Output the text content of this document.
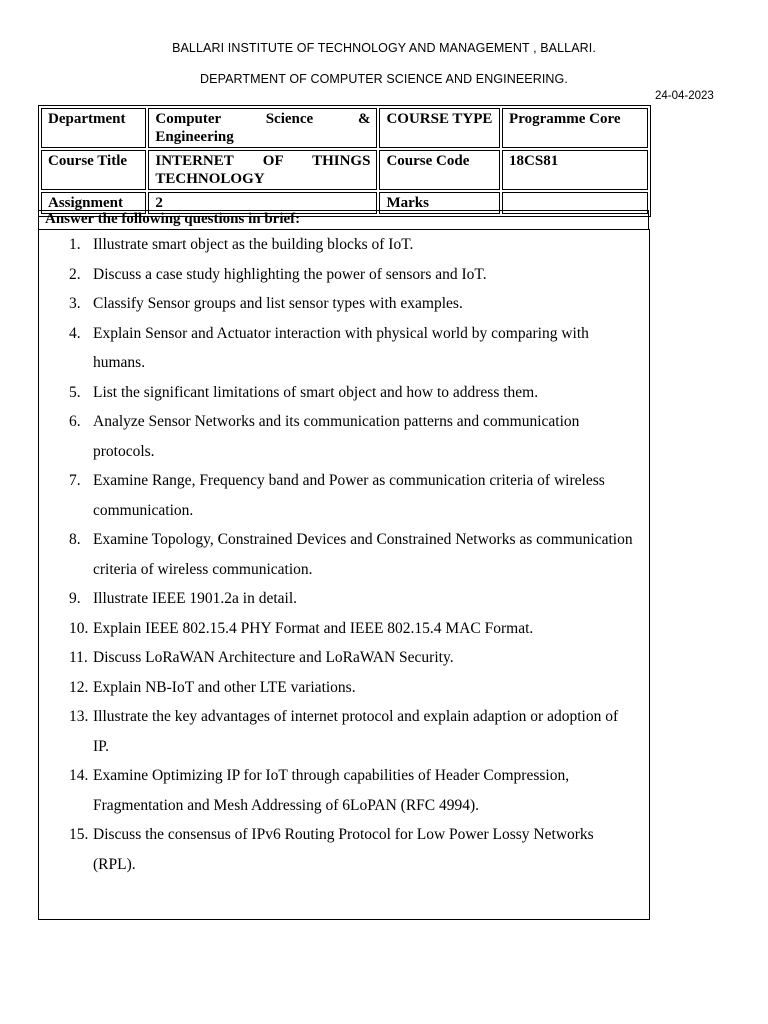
BALLARI INSTITUTE OF TECHNOLOGY AND MANAGEMENT , BALLARI.
DEPARTMENT OF COMPUTER SCIENCE AND ENGINEERING.
24-04-2023
Department	Computer Science & Engineering	COURSE TYPE	Programme Core
Course Title	INTERNET OF THINGS TECHNOLOGY	Course Code	18CS81
Assignment	2	Marks	
Answer the following questions in brief:
1. Illustrate smart object as the building blocks of IoT.
2. Discuss a case study highlighting the power of sensors and IoT.
3. Classify Sensor groups and list sensor types with examples.
4. Explain Sensor and Actuator interaction with physical world by comparing with humans.
5. List the significant limitations of smart object and how to address them.
6. Analyze Sensor Networks and its communication patterns and communication protocols.
7. Examine Range, Frequency band and Power as communication criteria of wireless communication.
8. Examine Topology, Constrained Devices and Constrained Networks as communication criteria of wireless communication.
9. Illustrate IEEE 1901.2a in detail.
10. Explain IEEE 802.15.4 PHY Format and IEEE 802.15.4 MAC Format.
11. Discuss LoRaWAN Architecture and LoRaWAN Security.
12. Explain NB-IoT and other LTE variations.
13. Illustrate the key advantages of internet protocol and explain adaption or adoption of IP.
14. Examine Optimizing IP for IoT through capabilities of Header Compression, Fragmentation and Mesh Addressing of 6LoPAN (RFC 4994).
15. Discuss the consensus of IPv6 Routing Protocol for Low Power Lossy Networks (RPL).
